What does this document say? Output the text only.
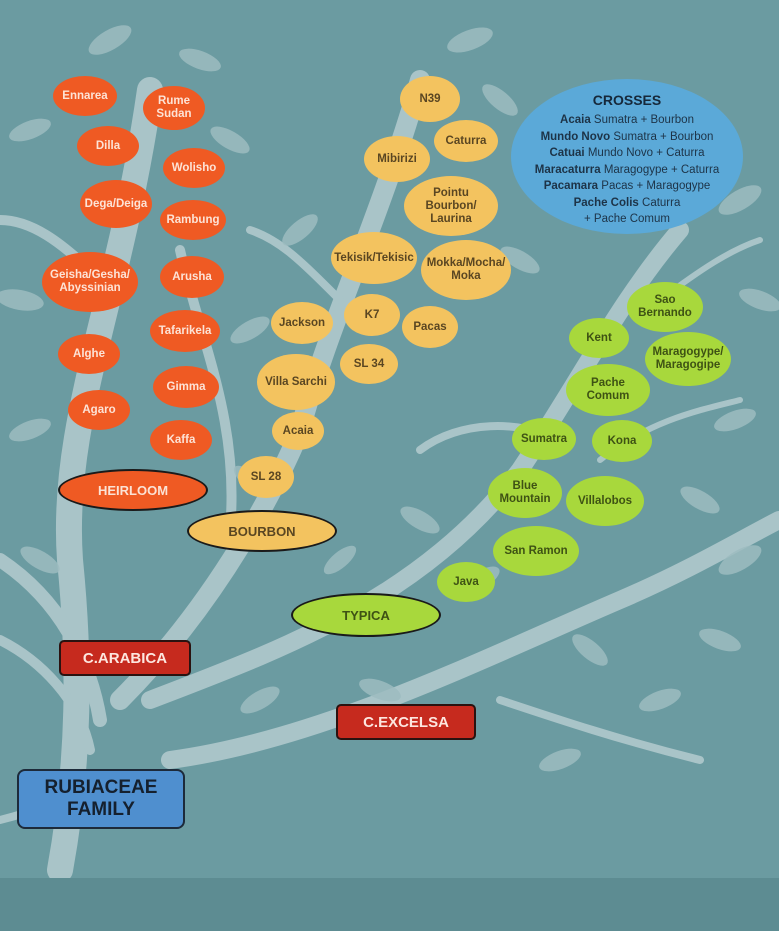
RUBIACEAE
FAMILY
C.ARABICA
C.EXCELSA
HEIRLOOM
BOURBON
TYPICA
Ennarea	Rume
Sudan
Dilla
Wolisho
Dega/Deiga
Rambung
Geisha/Gesha/
Abyssinian
Arusha
Tafarikela
Alghe
Gimma
Agaro
Kaffa
N39
Caturra
Mibirizi
Pointu Bourbon/
Laurina
Tekisik/Tekisic Mokka/Mocha/
Moka
Jackson
K7
Pacas
SL 34
Villa Sarchi
Acaia
SL 28
Sao
Bernando
Kent
Maragogype/
Maragogipe
Pache
Comum
Sumatra	Kona
Blue
Mountain Villalobos
San Ramon
Java
CROSSES
Acaia Sumatra + Bourbon
Mundo Novo Sumatra + Bourbon
Catuai Mundo Novo + Caturra
Maracaturra Maragogype + Caturra
Pacamara Pacas + Maragogype
Pache Colis Caturra
+ Pache Comum
